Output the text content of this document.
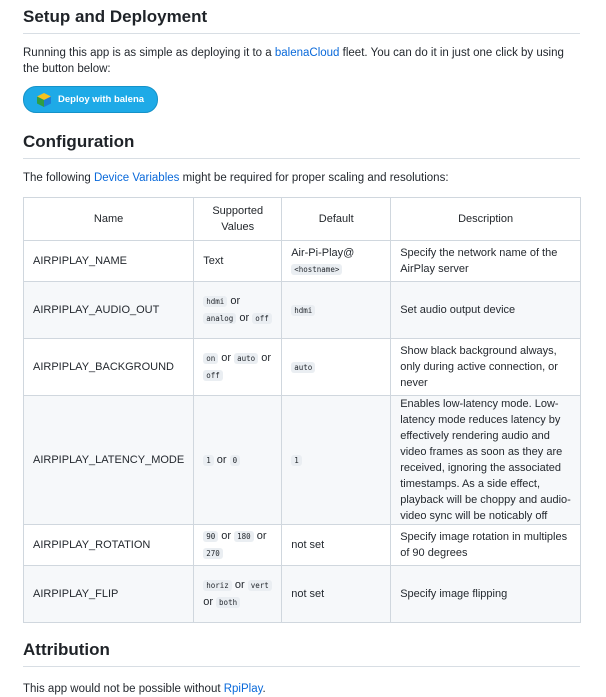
Setup and Deployment

Running this app is as simple as deploying it to a balenaCloud fleet. You can do it in just one click by using the button below:

Deploy with balena
Configuration

The following Device Variables might be required for proper scaling and resolutions:

Name	Supported Values	Default	Description
AIRPIPLAY_NAME	Text	Air-Pi-Play@ <hostname>	Specify the network name of the AirPlay server
AIRPIPLAY_AUDIO_OUT	hdmi or analog or off	hdmi	Set audio output device
AIRPIPLAY_BACKGROUND	on or auto or off	auto	Show black background always, only during active connection, or never
AIRPIPLAY_LATENCY_MODE	1 or 0	1	Enables low-latency mode. Low-latency mode reduces latency by effectively rendering audio and video frames as soon as they are received, ignoring the associated timestamps. As a side effect, playback will be choppy and audio-video sync will be noticably off
AIRPIPLAY_ROTATION	90 or 180 or 270	not set	Specify image rotation in multiples of 90 degrees
AIRPIPLAY_FLIP	horiz or vert or both	not set	Specify image flipping
Attribution

This app would not be possible without RpiPlay.
